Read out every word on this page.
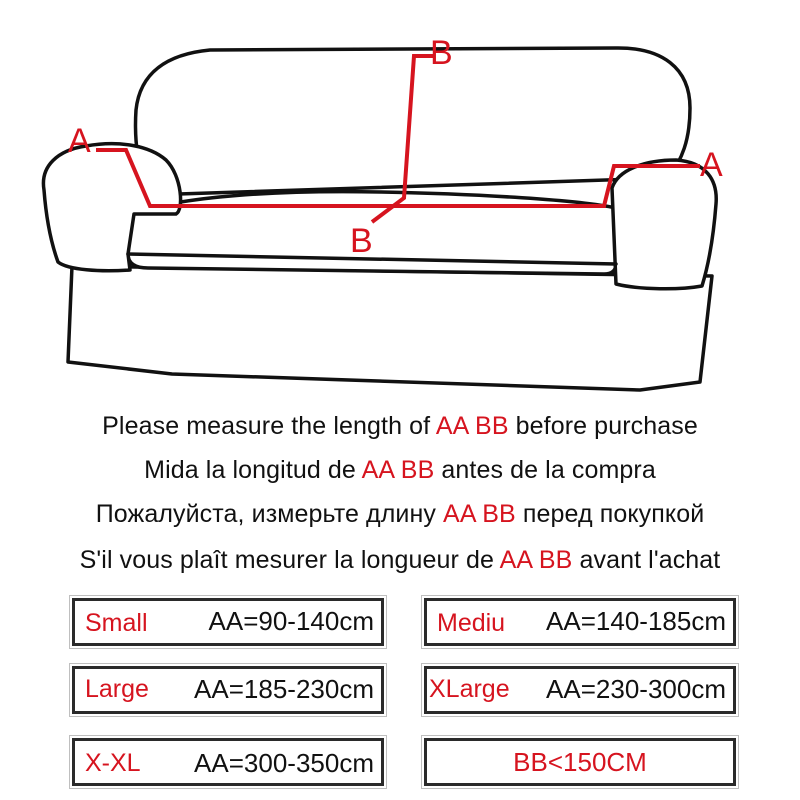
A
A
B
B
Please measure the length of AA BB before purchase
Mida la longitud de AA BB antes de la compra
Пожалуйста, измерьте длину AA BB перед покупкой
S'il vous plaît mesurer la longueur de AA BB avant l'achat
Small AA=90-140cm	Mediu AA=140-185cm
Large AA=185-230cm XLarge AA=230-300cm
X-XL AA=300-350cm	BB<150CM
